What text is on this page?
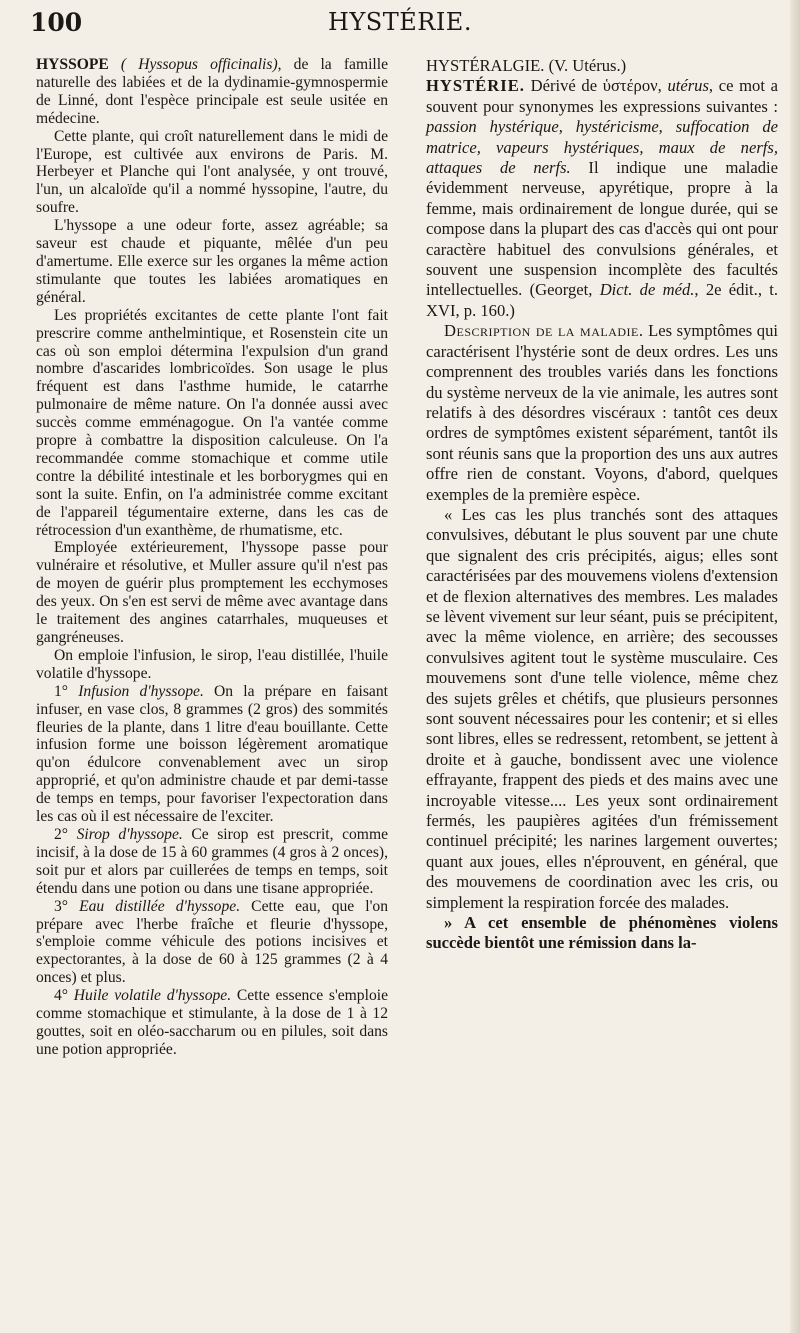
100	HYSTÉRIE.

HYSSOPE ( Hyssopus officinalis), de la famille naturelle des labiées et de la dydinamie-gymnospermie de Linné, dont l'espèce principale est seule usitée en médecine.

Cette plante, qui croît naturellement dans le midi de l'Europe, est cultivée aux environs de Paris. M. Herbeyer et Planche qui l'ont analysée, y ont trouvé, l'un, un alcaloïde qu'il a nommé hyssopine, l'autre, du soufre.

L'hyssope a une odeur forte, assez agréable; sa saveur est chaude et piquante, mêlée d'un peu d'amertume. Elle exerce sur les organes la même action stimulante que toutes les labiées aromatiques en général.

Les propriétés excitantes de cette plante l'ont fait prescrire comme anthelmintique, et Rosenstein cite un cas où son emploi détermina l'expulsion d'un grand nombre d'ascarides lombricoïdes. Son usage le plus fréquent est dans l'asthme humide, le catarrhe pulmonaire de même nature. On l'a donnée aussi avec succès comme emménagogue. On l'a vantée comme propre à combattre la disposition calculeuse. On l'a recommandée comme stomachique et comme utile contre la débilité intestinale et les borborygmes qui en sont la suite. Enfin, on l'a administrée comme excitant de l'appareil tégumentaire externe, dans les cas de rétrocession d'un exanthème, de rhumatisme, etc.

Employée extérieurement, l'hyssope passe pour vulnéraire et résolutive, et Muller assure qu'il n'est pas de moyen de guérir plus promptement les ecchymoses des yeux. On s'en est servi de même avec avantage dans le traitement des angines catarrhales, muqueuses et gangréneuses.

On emploie l'infusion, le sirop, l'eau distillée, l'huile volatile d'hyssope.

1° Infusion d'hyssope. On la prépare en faisant infuser, en vase clos, 8 grammes (2 gros) des sommités fleuries de la plante, dans 1 litre d'eau bouillante. Cette infusion forme une boisson légèrement aromatique qu'on édulcore convenablement avec un sirop approprié, et qu'on administre chaude et par demi-tasse de temps en temps, pour favoriser l'expectoration dans les cas où il est nécessaire de l'exciter.

2° Sirop d'hyssope. Ce sirop est prescrit, comme incisif, à la dose de 15 à 60 grammes (4 gros à 2 onces), soit pur et alors par cuillerées de temps en temps, soit étendu dans une potion ou dans une tisane appropriée.

3° Eau distillée d'hyssope. Cette eau, que l'on prépare avec l'herbe fraîche et fleurie d'hyssope, s'emploie comme véhicule des potions incisives et expectorantes, à la dose de 60 à 125 grammes (2 à 4 onces) et plus.

4° Huile volatile d'hyssope. Cette essence s'emploie comme stomachique et stimulante, à la dose de 1 à 12 gouttes, soit en oléo-saccharum ou en pilules, soit dans une potion appropriée.

HYSTÉRALGIE. (V. Utérus.)

HYSTÉRIE. Dérivé de ὑστέρον, utérus, ce mot a souvent pour synonymes les expressions suivantes : passion hystérique, hystéricisme, suffocation de matrice, vapeurs hystériques, maux de nerfs, attaques de nerfs. Il indique une maladie évidemment nerveuse, apyrétique, propre à la femme, mais ordinairement de longue durée, qui se compose dans la plupart des cas d'accès qui ont pour caractère habituel des convulsions générales, et souvent une suspension incomplète des facultés intellectuelles. (Georget, Dict. de méd., 2e édit., t. XVI, p. 160.)

Description de la maladie. Les symptômes qui caractérisent l'hystérie sont de deux ordres. Les uns comprennent des troubles variés dans les fonctions du système nerveux de la vie animale, les autres sont relatifs à des désordres viscéraux : tantôt ces deux ordres de symptômes existent séparément, tantôt ils sont réunis sans que la proportion des uns aux autres offre rien de constant. Voyons, d'abord, quelques exemples de la première espèce.

« Les cas les plus tranchés sont des attaques convulsives, débutant le plus souvent par une chute que signalent des cris précipités, aigus; elles sont caractérisées par des mouvemens violens d'extension et de flexion alternatives des membres. Les malades se lèvent vivement sur leur séant, puis se précipitent, avec la même violence, en arrière; des secousses convulsives agitent tout le système musculaire. Ces mouvemens sont d'une telle violence, même chez des sujets grêles et chétifs, que plusieurs personnes sont souvent nécessaires pour les contenir; et si elles sont libres, elles se redressent, retombent, se jettent à droite et à gauche, bondissent avec une violence effrayante, frappent des pieds et des mains avec une incroyable vitesse.... Les yeux sont ordinairement fermés, les paupières agitées d'un frémissement continuel précipité; les narines largement ouvertes; quant aux joues, elles n'éprouvent, en général, que des mouvemens de coordination avec les cris, ou simplement la respiration forcée des malades.

» A cet ensemble de phénomènes violens succède bientôt une rémission dans la-
